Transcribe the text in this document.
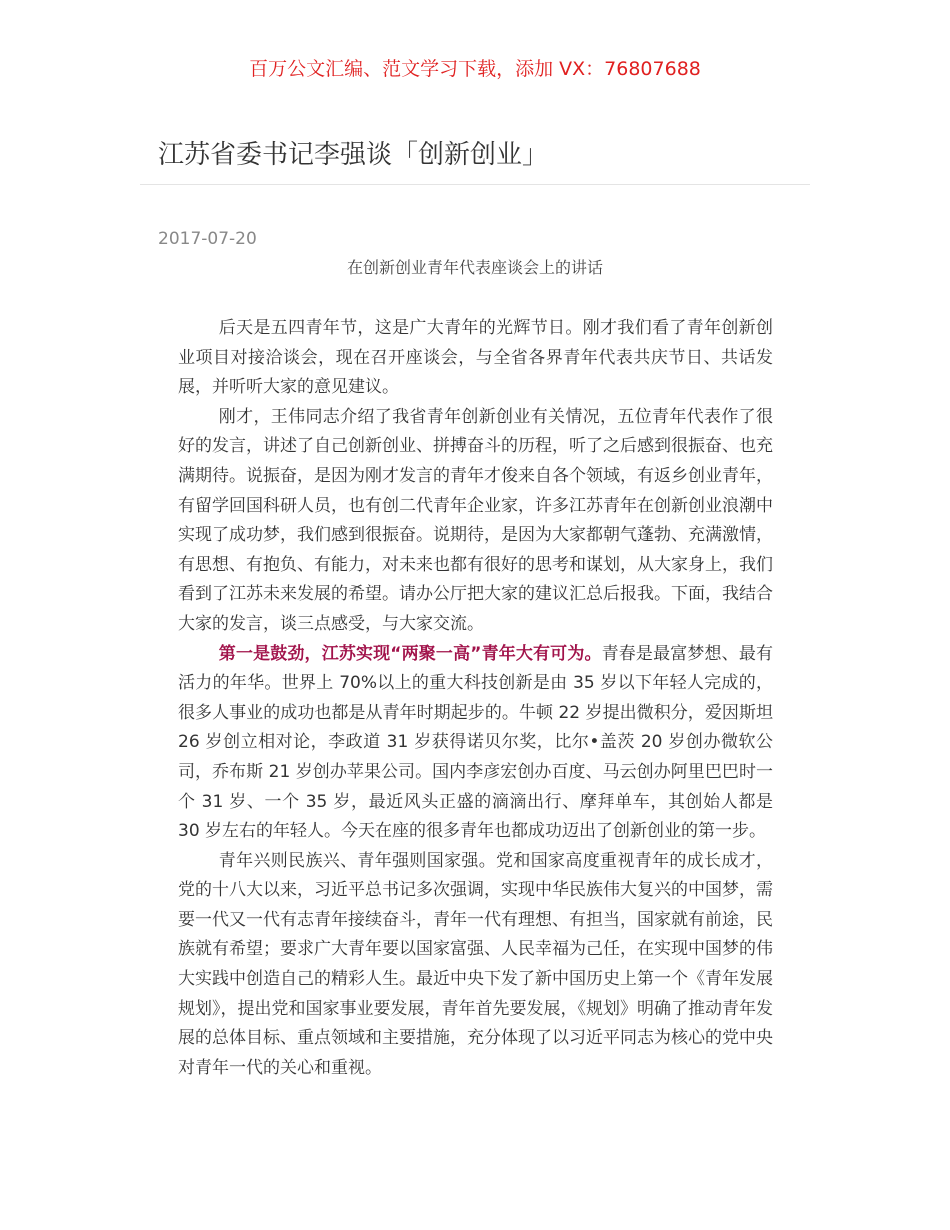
百万公文汇编、范文学习下载，添加 VX：76807688
江苏省委书记李强谈「创新创业」
2017-07-20
在创新创业青年代表座谈会上的讲话

后天是五四青年节，这是广大青年的光辉节日。刚才我们看了青年创新创业项目对接洽谈会，现在召开座谈会，与全省各界青年代表共庆节日、共话发展，并听听大家的意见建议。

刚才，王伟同志介绍了我省青年创新创业有关情况，五位青年代表作了很好的发言，讲述了自己创新创业、拼搏奋斗的历程，听了之后感到很振奋、也充满期待。说振奋，是因为刚才发言的青年才俊来自各个领域，有返乡创业青年，有留学回国科研人员，也有创二代青年企业家，许多江苏青年在创新创业浪潮中实现了成功梦，我们感到很振奋。说期待，是因为大家都朝气蓬勃、充满激情，有思想、有抱负、有能力，对未来也都有很好的思考和谋划，从大家身上，我们看到了江苏未来发展的希望。请办公厅把大家的建议汇总后报我。下面，我结合大家的发言，谈三点感受，与大家交流。

第一是鼓劲，江苏实现“两聚一高”青年大有可为。青春是最富梦想、最有活力的年华。世界上 70%以上的重大科技创新是由 35 岁以下年轻人完成的，很多人事业的成功也都是从青年时期起步的。牛顿 22 岁提出微积分，爱因斯坦 26 岁创立相对论，李政道 31 岁获得诺贝尔奖，比尔•盖茨 20 岁创办微软公司，乔布斯 21 岁创办苹果公司。国内李彦宏创办百度、马云创办阿里巴巴时一个 31 岁、一个 35 岁，最近风头正盛的滴滴出行、摩拜单车，其创始人都是 30 岁左右的年轻人。今天在座的很多青年也都成功迈出了创新创业的第一步。

青年兴则民族兴、青年强则国家强。党和国家高度重视青年的成长成才，党的十八大以来，习近平总书记多次强调，实现中华民族伟大复兴的中国梦，需要一代又一代有志青年接续奋斗，青年一代有理想、有担当，国家就有前途，民族就有希望；要求广大青年要以国家富强、人民幸福为己任，在实现中国梦的伟大实践中创造自己的精彩人生。最近中央下发了新中国历史上第一个《青年发展规划》，提出党和国家事业要发展，青年首先要发展，《规划》明确了推动青年发展的总体目标、重点领域和主要措施，充分体现了以习近平同志为核心的党中央对青年一代的关心和重视。
